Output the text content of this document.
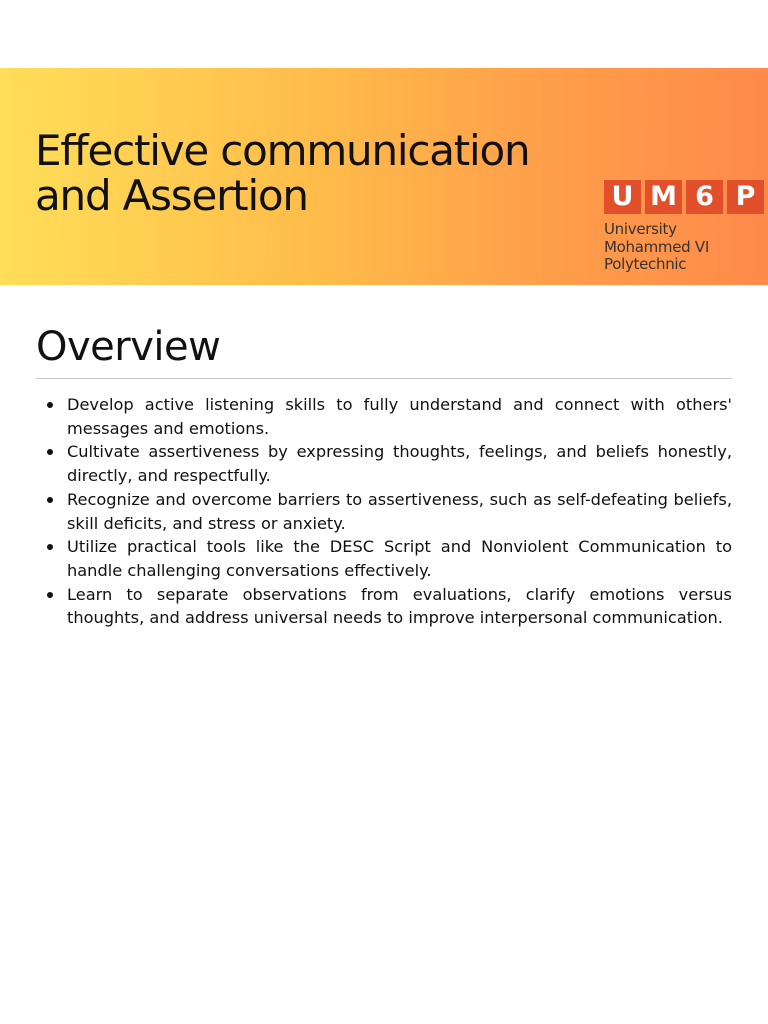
Effective communication and Assertion	U M 6 P
University
Mohammed VI
Polytechnic
Overview
Develop active listening skills to fully understand and connect with others' messages and emotions.
Cultivate assertiveness by expressing thoughts, feelings, and beliefs honestly, directly, and respectfully.
Recognize and overcome barriers to assertiveness, such as self-defeating beliefs, skill deficits, and stress or anxiety.
Utilize practical tools like the DESC Script and Nonviolent Communication to handle challenging conversations effectively.
Learn to separate observations from evaluations, clarify emotions versus thoughts, and address universal needs to improve interpersonal communication.
